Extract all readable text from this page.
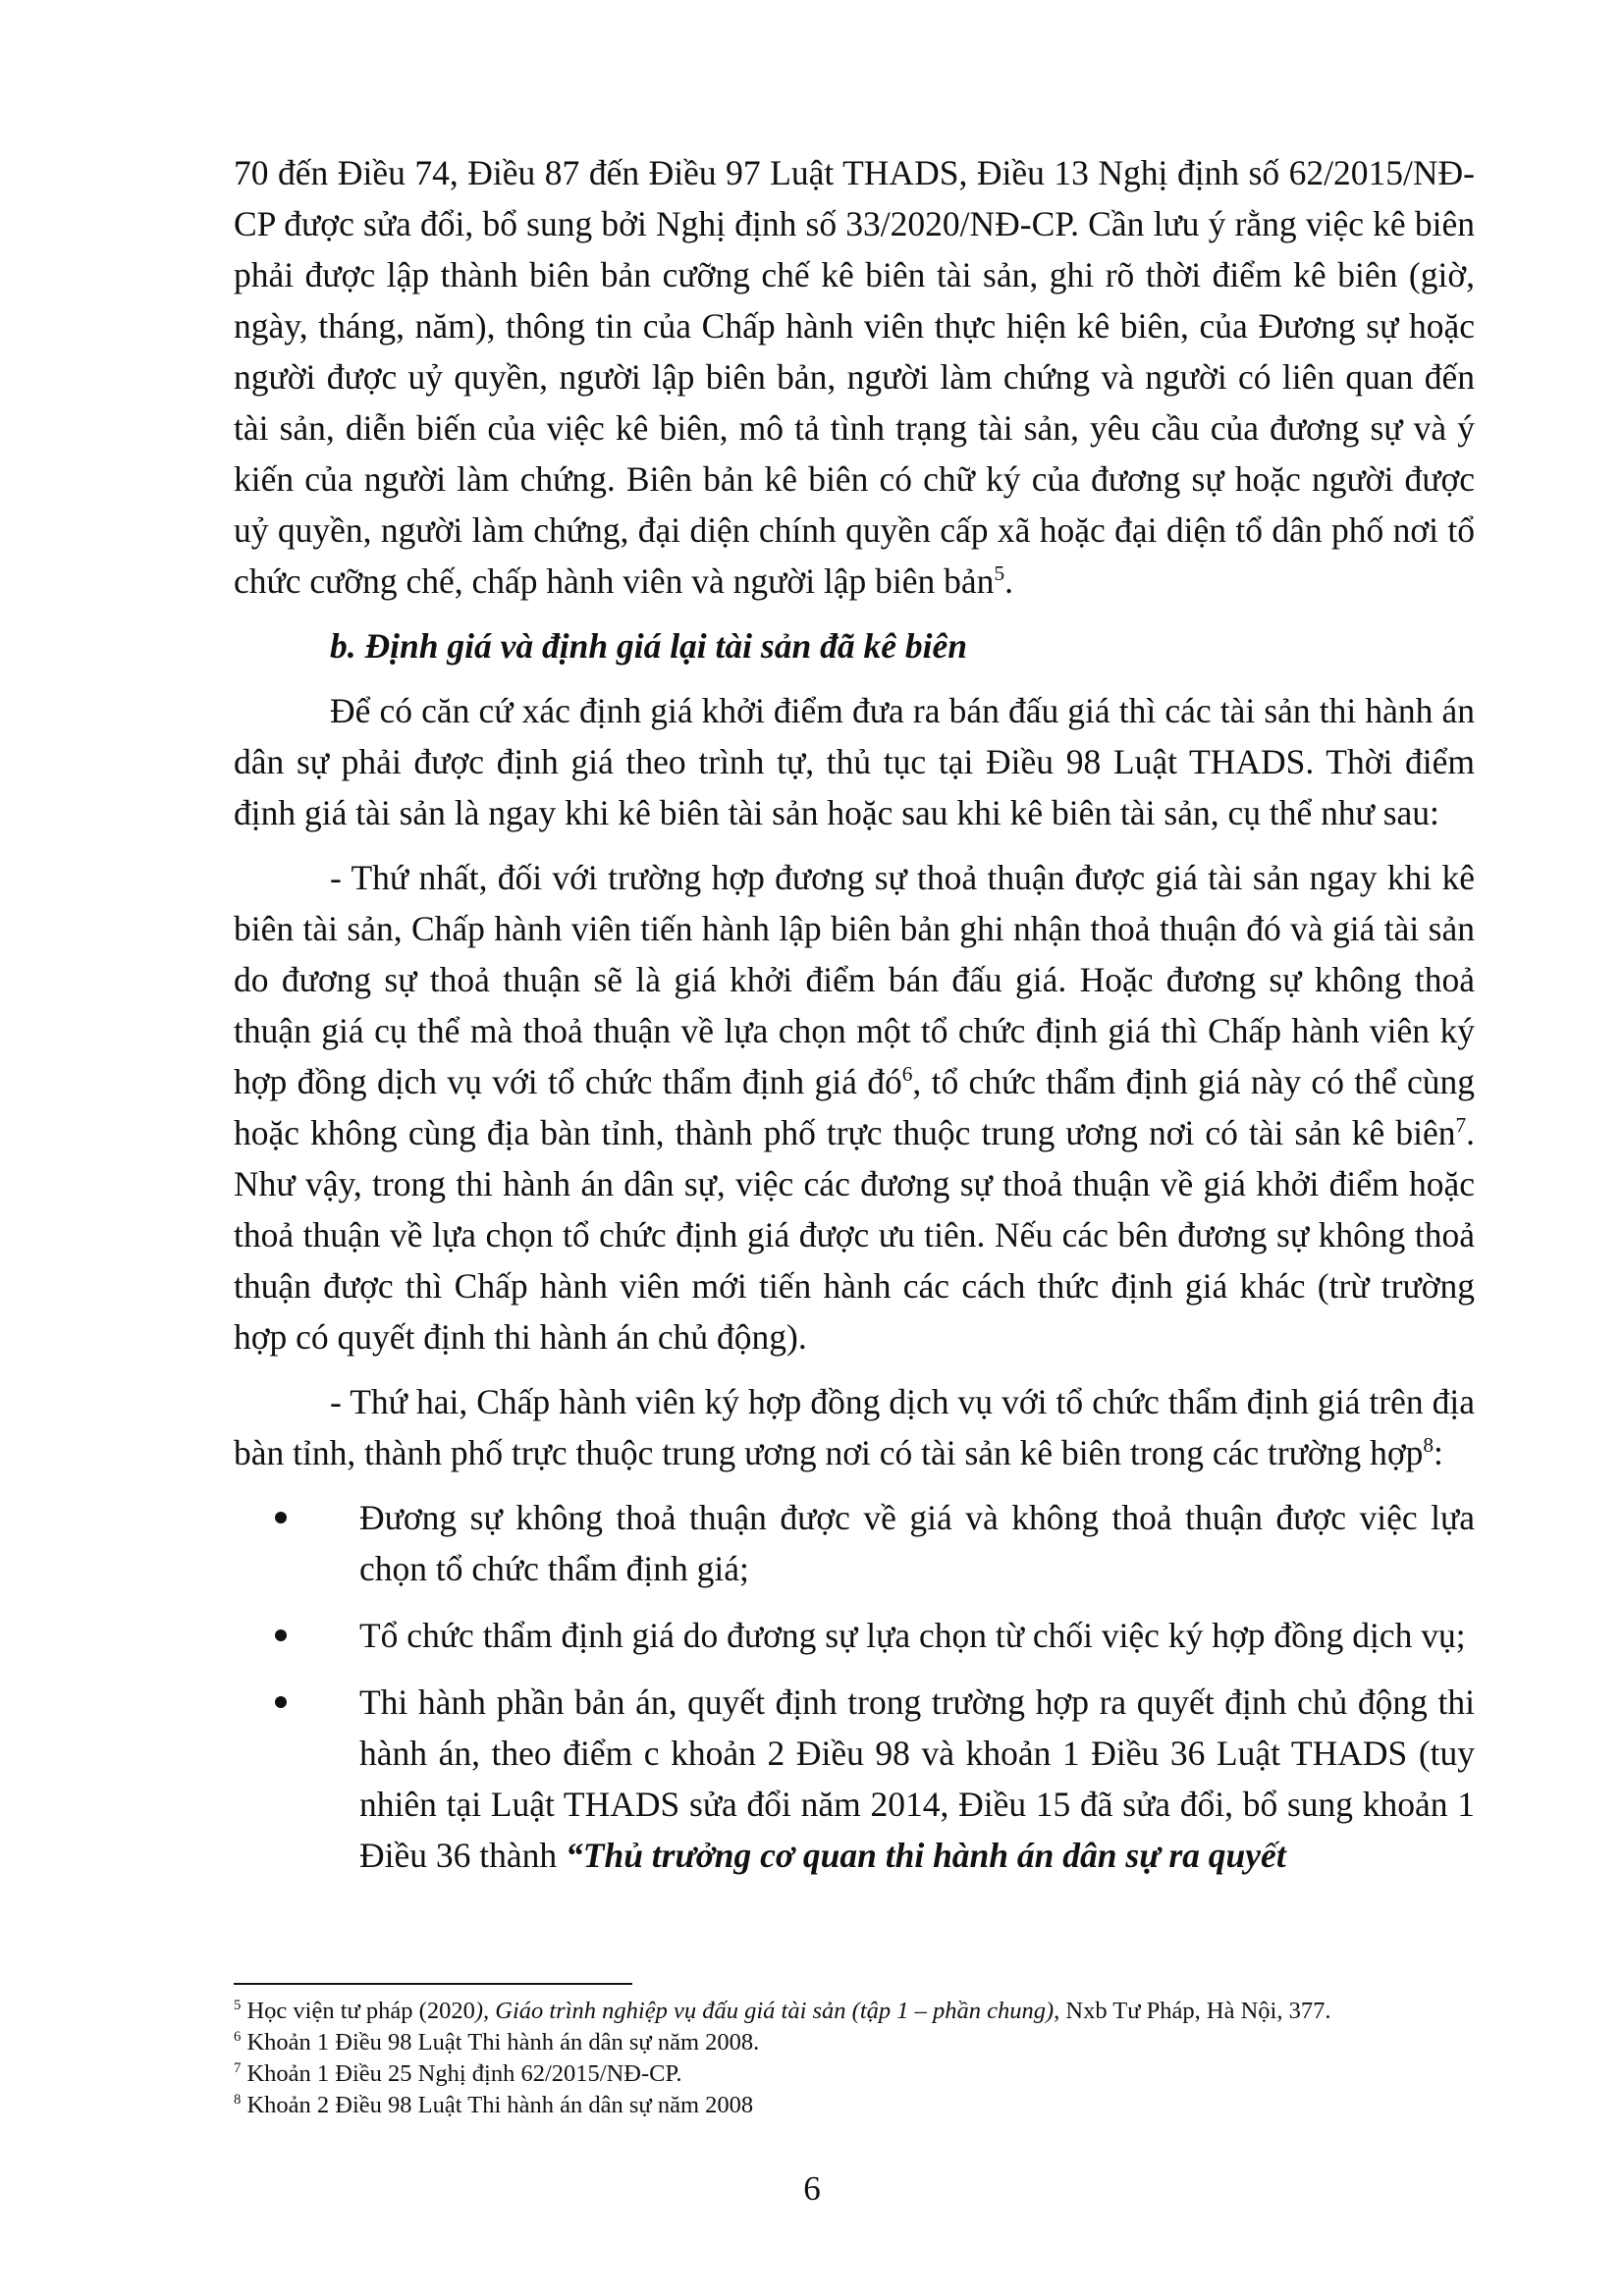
70 đến Điều 74, Điều 87 đến Điều 97 Luật THADS, Điều 13 Nghị định số 62/2015/NĐ-CP được sửa đổi, bổ sung bởi Nghị định số 33/2020/NĐ-CP. Cần lưu ý rằng việc kê biên phải được lập thành biên bản cưỡng chế kê biên tài sản, ghi rõ thời điểm kê biên (giờ, ngày, tháng, năm), thông tin của Chấp hành viên thực hiện kê biên, của Đương sự hoặc người được uỷ quyền, người lập biên bản, người làm chứng và người có liên quan đến tài sản, diễn biến của việc kê biên, mô tả tình trạng tài sản, yêu cầu của đương sự và ý kiến của người làm chứng. Biên bản kê biên có chữ ký của đương sự hoặc người được uỷ quyền, người làm chứng, đại diện chính quyền cấp xã hoặc đại diện tổ dân phố nơi tổ chức cưỡng chế, chấp hành viên và người lập biên bản$^5$.

b. Định giá và định giá lại tài sản đã kê biên

Để có căn cứ xác định giá khởi điểm đưa ra bán đấu giá thì các tài sản thi hành án dân sự phải được định giá theo trình tự, thủ tục tại Điều 98 Luật THADS. Thời điểm định giá tài sản là ngay khi kê biên tài sản hoặc sau khi kê biên tài sản, cụ thể như sau:

- Thứ nhất, đối với trường hợp đương sự thoả thuận được giá tài sản ngay khi kê biên tài sản, Chấp hành viên tiến hành lập biên bản ghi nhận thoả thuận đó và giá tài sản do đương sự thoả thuận sẽ là giá khởi điểm bán đấu giá. Hoặc đương sự không thoả thuận giá cụ thể mà thoả thuận về lựa chọn một tổ chức định giá thì Chấp hành viên ký hợp đồng dịch vụ với tổ chức thẩm định giá $đó^6$, tổ chức thẩm định giá này có thể cùng hoặc không cùng địa bàn tỉnh, thành phố trực thuộc trung ương nơi có tài sản kê biên$^7$. Như vậy, trong thi hành án dân sự, việc các đương sự thoả thuận về giá khởi điểm hoặc thoả thuận về lựa chọn tổ chức định giá được ưu tiên. Nếu các bên đương sự không thoả thuận được thì Chấp hành viên mới tiến hành các cách thức định giá khác (trừ trường hợp có quyết định thi hành án chủ động).

- Thứ hai, Chấp hành viên ký hợp đồng dịch vụ với tổ chức thẩm định giá trên địa bàn tỉnh, thành phố trực thuộc trung ương nơi có tài sản kê biên trong các trường hợp$^8$:

Đương sự không thoả thuận được về giá và không thoả thuận được việc lựa chọn tổ chức thẩm định giá;
Tổ chức thẩm định giá do đương sự lựa chọn từ chối việc ký hợp đồng dịch vụ;
Thi hành phần bản án, quyết định trong trường hợp ra quyết định chủ động thi hành án, theo điểm c khoản 2 Điều 98 và khoản 1 Điều 36 Luật THADS (tuy nhiên tại Luật THADS sửa đổi năm 2014, Điều 15 đã sửa đổi, bổ sung khoản 1 Điều 36 thành “Thủ trưởng cơ quan thi hành án dân sự ra quyết

$^5$ Học viện tư pháp (2020), Giáo trình nghiệp vụ đấu giá tài sản (tập 1 – phần chung), Nxb Tư Pháp, Hà Nội, 377.

$^6$ Khoản 1 Điều 98 Luật Thi hành án dân sự năm 2008.

$^7$ Khoản 1 Điều 25 Nghị định 62/2015/NĐ-CP.

$^8$ Khoản 2 Điều 98 Luật Thi hành án dân sự năm 2008

6
